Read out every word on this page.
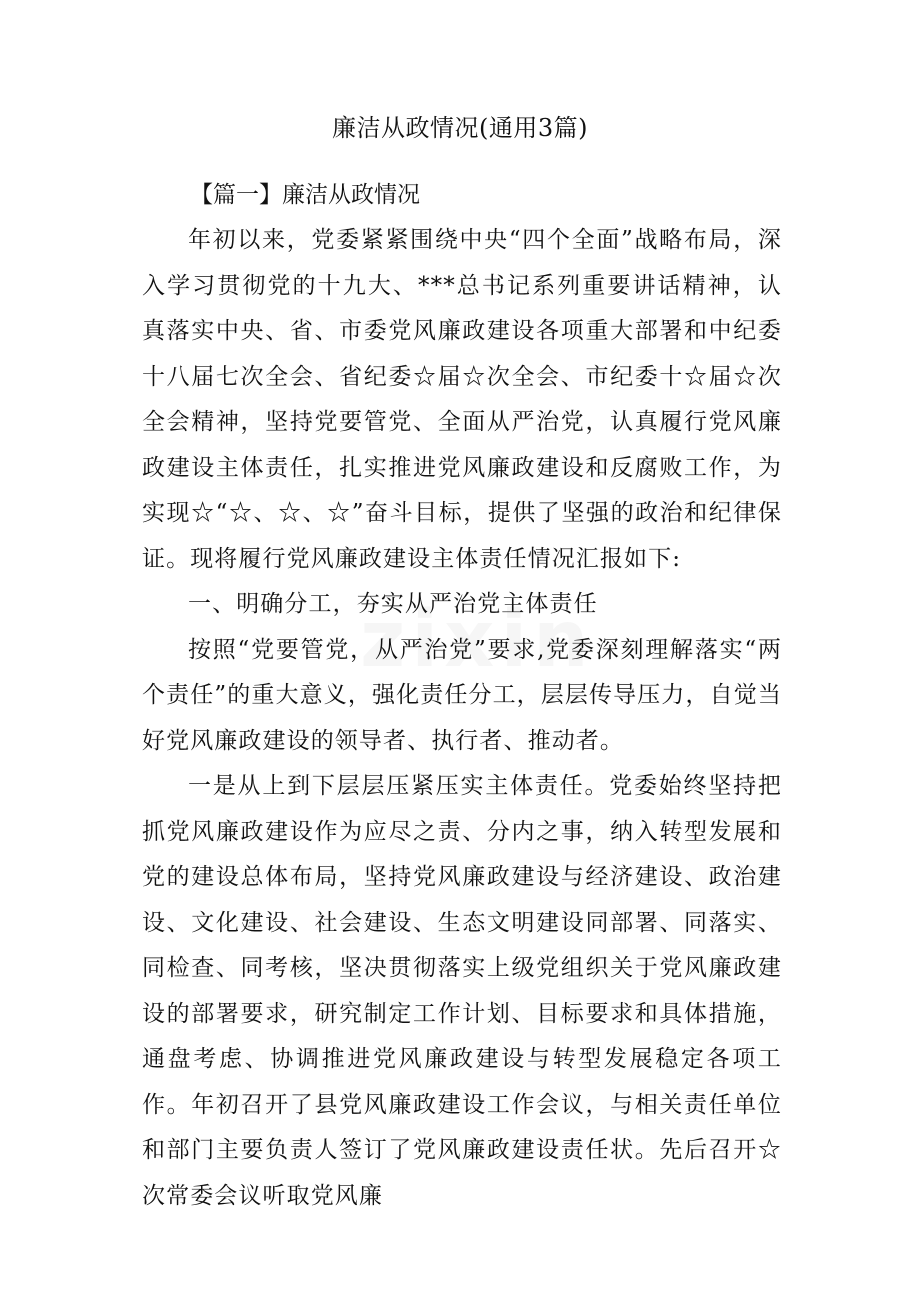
廉洁从政情况(通用3篇)
【篇一】廉洁从政情况

年初以来，党委紧紧围绕中央“四个全面”战略布局，深入学习贯彻党的十九大、***总书记系列重要讲话精神，认真落实中央、省、市委党风廉政建设各项重大部署和中纪委十八届七次全会、省纪委☆届☆次全会、市纪委十☆届☆次全会精神，坚持党要管党、全面从严治党，认真履行党风廉政建设主体责任，扎实推进党风廉政建设和反腐败工作，为实现☆“☆、☆、☆”奋斗目标，提供了坚强的政治和纪律保证。现将履行党风廉政建设主体责任情况汇报如下:

一、明确分工，夯实从严治党主体责任

按照“党要管党，从严治党”要求,党委深刻理解落实“两个责任”的重大意义，强化责任分工，层层传导压力，自觉当好党风廉政建设的领导者、执行者、推动者。

一是从上到下层层压紧压实主体责任。党委始终坚持把抓党风廉政建设作为应尽之责、分内之事，纳入转型发展和党的建设总体布局，坚持党风廉政建设与经济建设、政治建设、文化建设、社会建设、生态文明建设同部署、同落实、同检查、同考核，坚决贯彻落实上级党组织关于党风廉政建设的部署要求，研究制定工作计划、目标要求和具体措施，通盘考虑、协调推进党风廉政建设与转型发展稳定各项工作。年初召开了县党风廉政建设工作会议，与相关责任单位和部门主要负责人签订了党风廉政建设责任状。先后召开☆次常委会议听取党风廉
